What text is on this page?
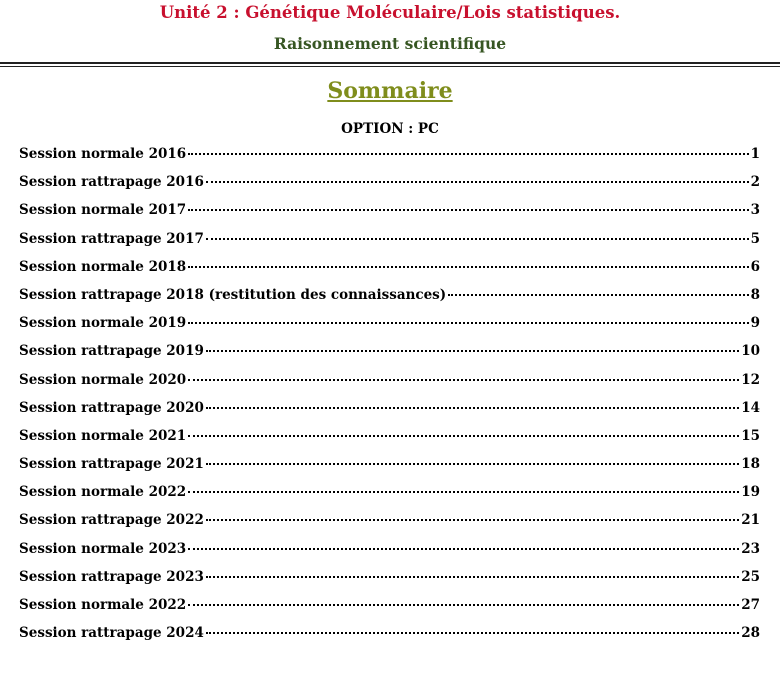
Unité 2 : Génétique Moléculaire/Lois statistiques.
Raisonnement scientifique
Sommaire
OPTION : PC
Session normale 2016	1
Session rattrapage 2016	2
Session normale 2017	3
Session rattrapage 2017	5
Session normale 2018	6
Session rattrapage 2018 (restitution des connaissances)	8
Session normale 2019	9
Session rattrapage 2019	10
Session normale 2020	12
Session rattrapage 2020	14
Session normale 2021	15
Session rattrapage 2021	18
Session normale 2022	19
Session rattrapage 2022	21
Session normale 2023	23
Session rattrapage 2023	25
Session normale 2022	27
Session rattrapage 2024	28
